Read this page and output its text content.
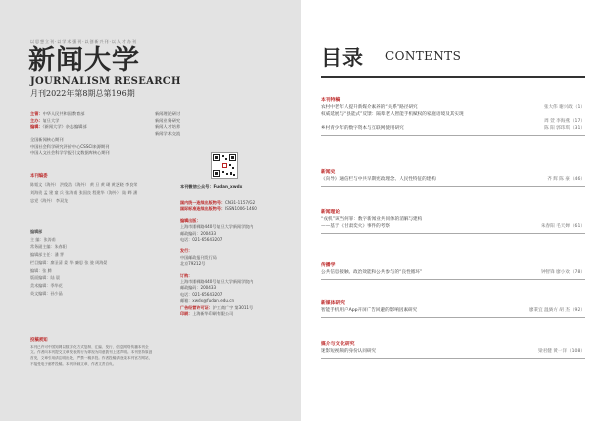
以思想立刊·以学术强刊·以创新兴刊·以人才办刊
新闻大学
JOURNALISM RESEARCH
月刊2022年第8期总第196期
主管：中华人民共和国教育部
主办：复旦大学
编辑：《新闻大学》杂志编辑部
全国新闻核心期刊
中国社会科学研究评价中心CSSCI来源期刊
中国人文社会科学学报引文数据库核心期刊
新闻理论研讨
新闻业务研究
新闻人才培养
新闻学术交流
本刊编委
陈韬文（海外） 洪俊浩（海外） 黄 旦 黄 瑚 黄芝晓 李良荣 刘海贵 孟 建 童 兵 张涛甫 张国良 程建华（海外） 陆 晔 潘忠党（海外） 李双龙
编辑部
主 编：张涛甫
常务副主编：朱春阳
编辑部主任：潘 霁
栏目编辑：廖圣清 姜 华 廉思 张 骏 周海晏
编辑：张 腾
版面编辑：陆 晨
美术编辑：季华花
英文编辑：孙少晶
投稿须知

本刊已许可中国知网以数字化方式复制、汇编、发行、信息网络传播本刊全文。作者向本刊提交文章发表的行为即视为同意我刊上述声明。本刊坚持原创首发，文章引用请注明出处，严禁一稿多投。作者投稿请登录本刊官方网站，不接受电子邮件投稿。本刊所载文章，作者文责自负。

本刊微信公众号：Fudan_xwdx
国内统一连续出版物号：CN31-1157/G2
国际标准连续出版物号：ISSN1006-1460
编辑出版：
上海市邯郸路440号复旦大学新闻学院内
邮政编码：200433
电话：021-65643207
发行：
中国邮政报刊发行局
北京79212号
订购：
上海市邯郸路440号复旦大学新闻学院内
邮政编码：200433
电话：021-65643207
邮箱：xwdx@fudan.edu.cn
广告经营许可证：沪工商广字 第3011号
印刷：上海新华印刷有限公司
目录 CONTENTS
本刊特稿
农村中老年人提升新媒介素养的“关系”路径研究	张大伟 谢兴政（1）
权威延展与“县能式”反馈：隔辈老人智能手机赋权的家庭语境及其实现
周 萱 李海燕（17）
乡村青少年的数字资本与互联网使用研究	陈 阳 郭玮琪（31）
新闻史
《向导》通信栏与中共早期宪政理念、人民性特征的建构	齐 辉 陈 豪（46）
新闻理论
“戎机”该当何罪：数字新闻业共同体的消解与建构
——基于《甘肃奕火》事件的考察	朱春阳 毛天婵（61）
传播学
公共信息接触、政治效能和公共参与的“良性循环”	钟智锋 廖小欢（78）
新媒体研究
智能手机用户App开屏广告回避的影响因素研究	廖秉宜 温旖方 胡 杰（92）
媒介与文化研究
迷影短视频的身份认同研究	梁君健 黄一洋（108）
